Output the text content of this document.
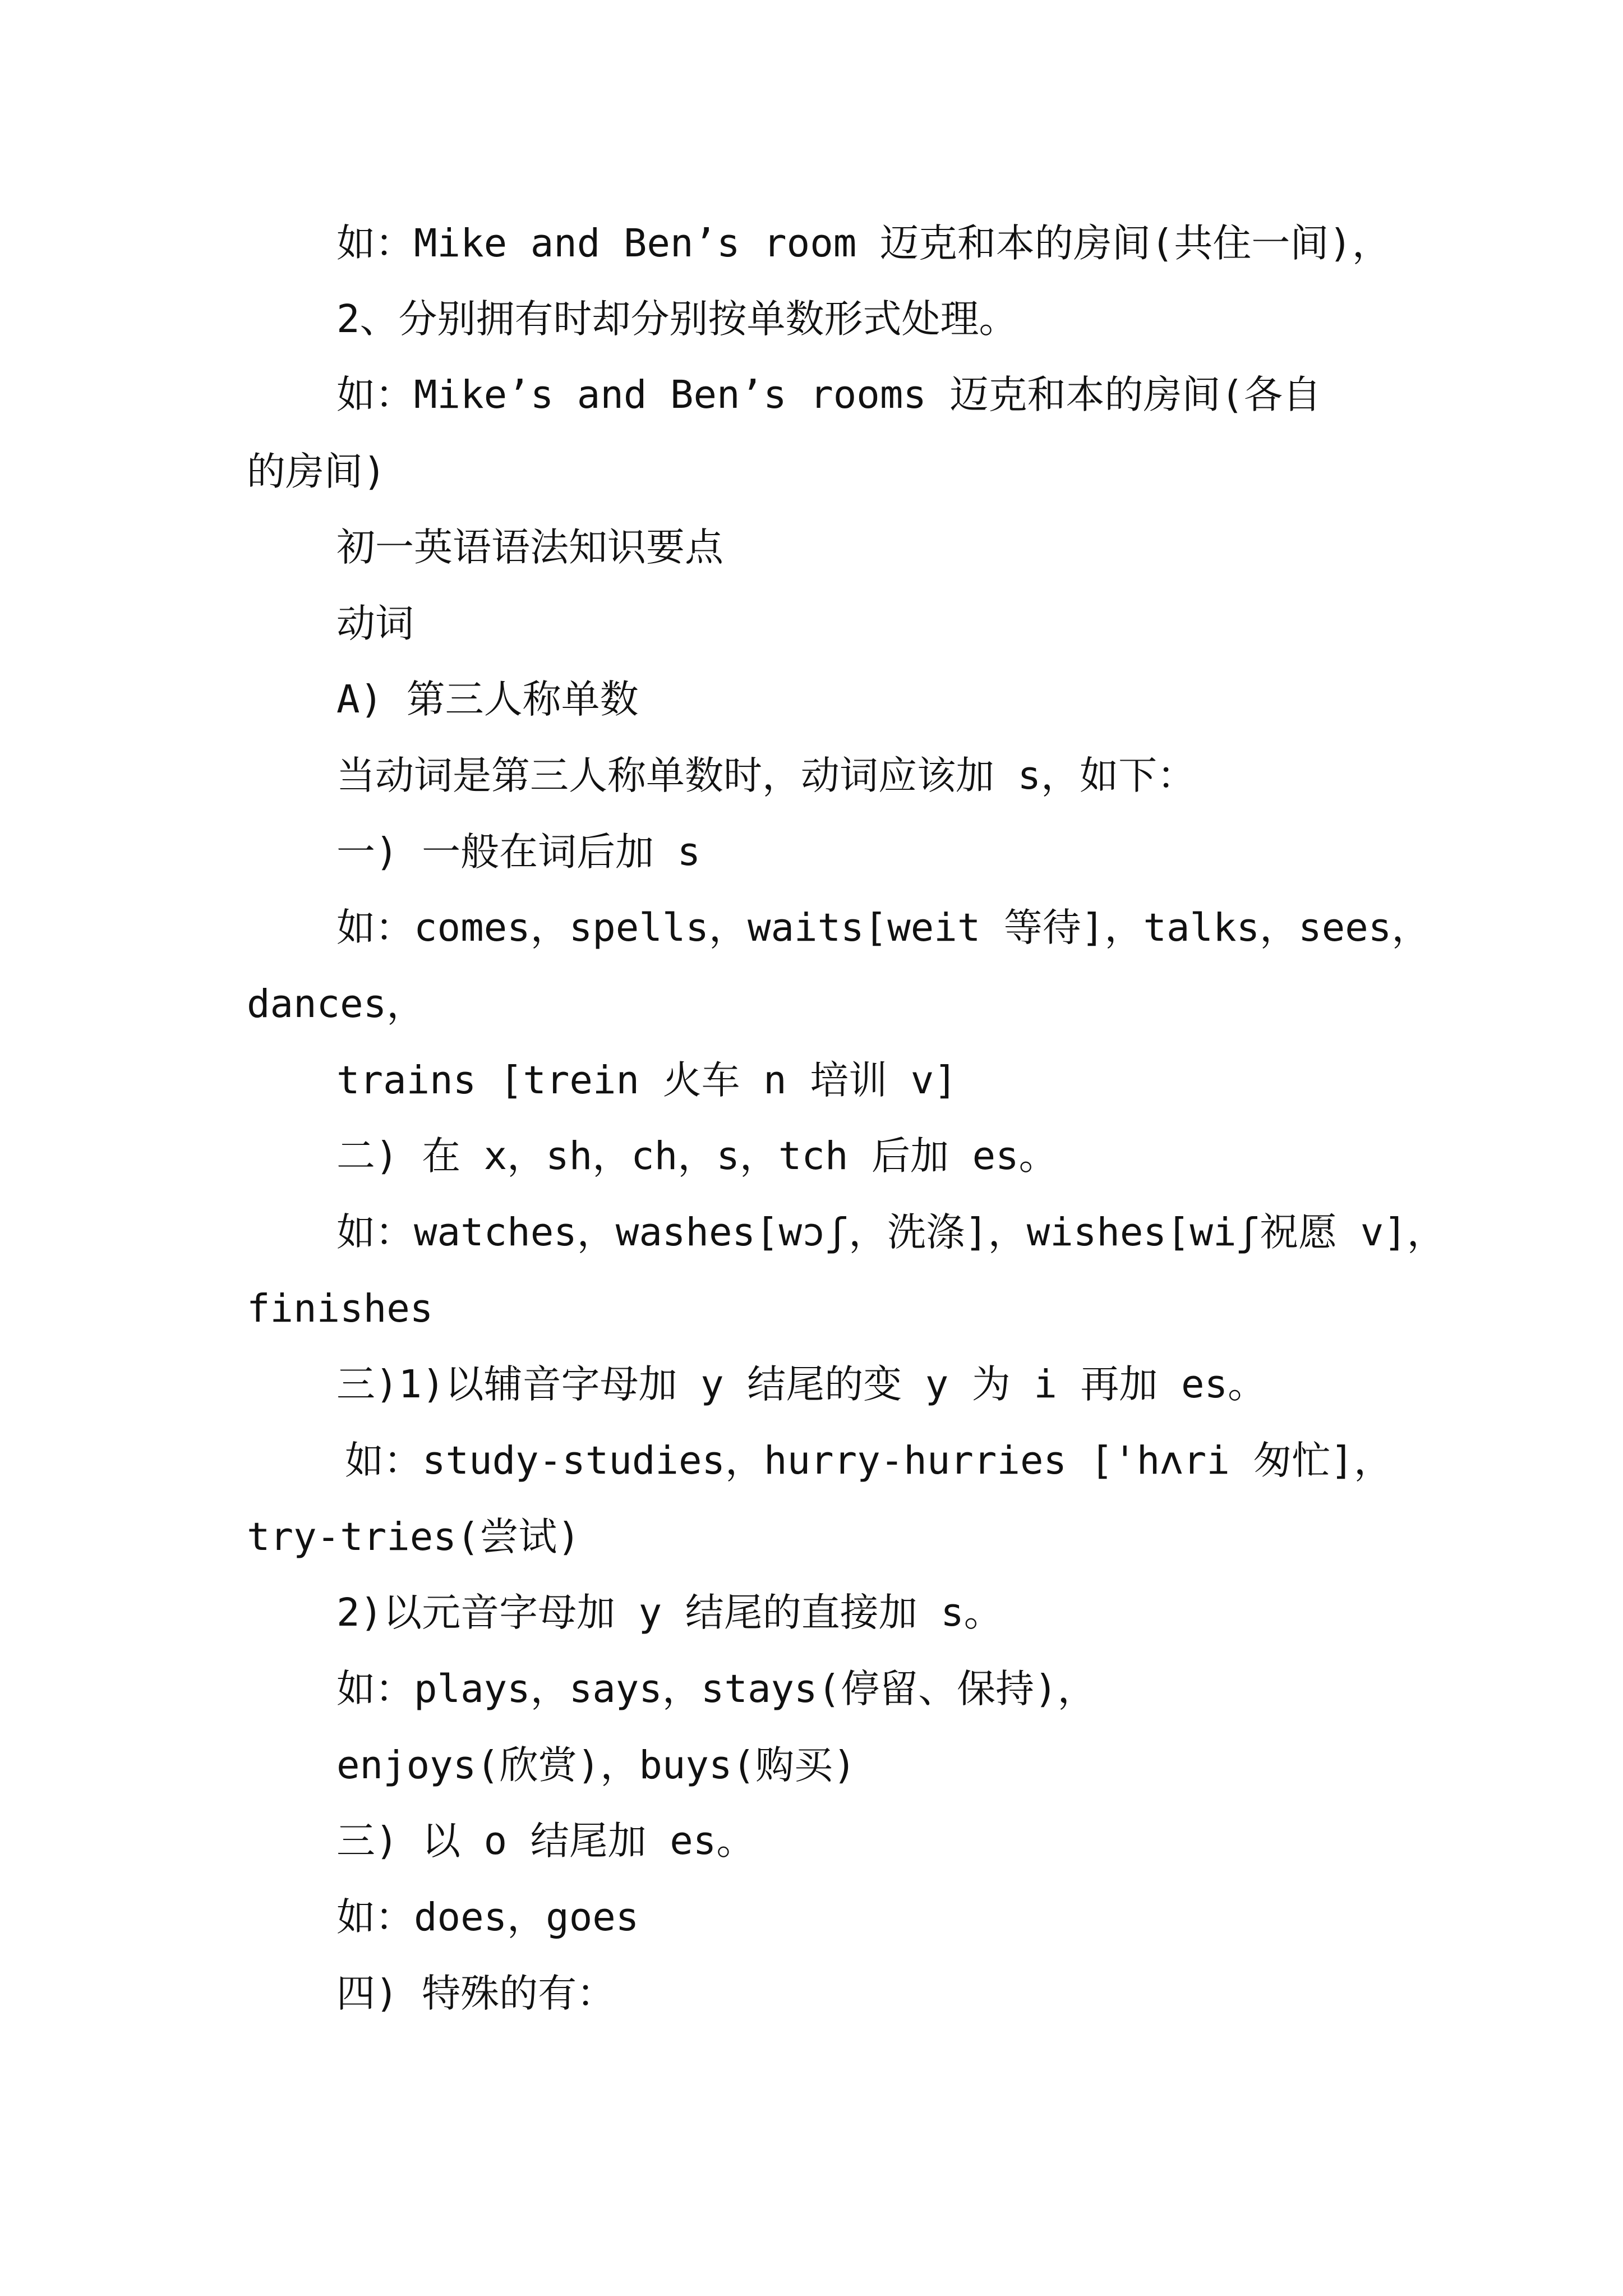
如：Mike and Ben’s room 迈克和本的房间(共住一间)，
2、分别拥有时却分别按单数形式处理。
如：Mike’s and Ben’s rooms 迈克和本的房间(各自
的房间)
初一英语语法知识要点
动词
A) 第三人称单数
当动词是第三人称单数时，动词应该加 s，如下：
一) 一般在词后加 s
如：comes，spells，waits[weit 等待]，talks，sees，
dances，
trains [trein 火车 n 培训 v]
二) 在 x，sh，ch，s，tch 后加 es。
如：watches，washes[wɔʃ，洗涤]，wishes[wiʃ祝愿 v]，
finishes
三)1)以辅音字母加 y 结尾的变 y 为 i 再加 es。
如：study-studies，hurry-hurries ['hʌri 匆忙]，
try-tries(尝试)
2)以元音字母加 y 结尾的直接加 s。
如：plays，says，stays(停留、保持)，
enjoys(欣赏)，buys(购买)
三) 以 o 结尾加 es。
如：does，goes
四) 特殊的有：
